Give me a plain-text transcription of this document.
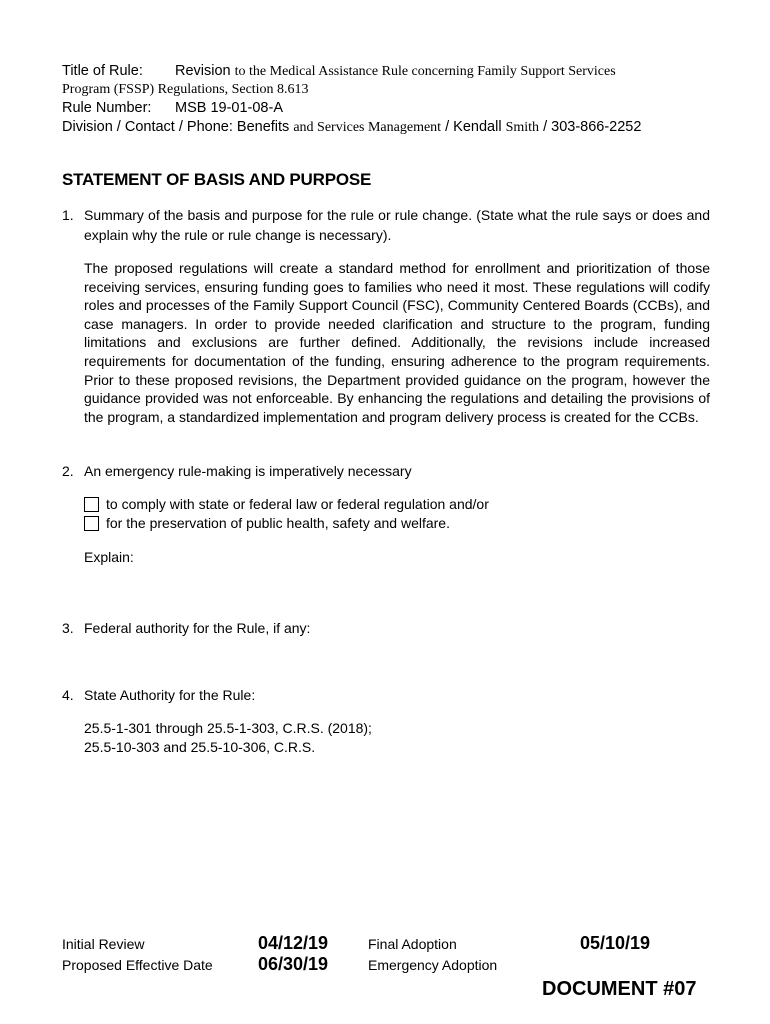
Title of Rule: Revision to the Medical Assistance Rule concerning Family Support Services
Program (FSSP) Regulations, Section 8.613
Rule Number: MSB 19-01-08-A
Division / Contact / Phone: Benefits and Services Management / Kendall Smith / 303-866-2252
STATEMENT OF BASIS AND PURPOSE
1. Summary of the basis and purpose for the rule or rule change. (State what the rule says or does and explain why the rule or rule change is necessary).
The proposed regulations will create a standard method for enrollment and prioritization of those receiving services, ensuring funding goes to families who need it most. These regulations will codify roles and processes of the Family Support Council (FSC), Community Centered Boards (CCBs), and case managers. In order to provide needed clarification and structure to the program, funding limitations and exclusions are further defined. Additionally, the revisions include increased requirements for documentation of the funding, ensuring adherence to the program requirements. Prior to these proposed revisions, the Department provided guidance on the program, however the guidance provided was not enforceable. By enhancing the regulations and detailing the provisions of the program, a standardized implementation and program delivery process is created for the CCBs.
2. An emergency rule-making is imperatively necessary
to comply with state or federal law or federal regulation and/or
for the preservation of public health, safety and welfare.
Explain:
3. Federal authority for the Rule, if any:
4. State Authority for the Rule:
25.5-1-301 through 25.5-1-303, C.R.S. (2018);
25.5-10-303 and 25.5-10-306, C.R.S.
Initial Review	04/12/19	Final Adoption	05/10/19
Proposed Effective Date	06/30/19	Emergency Adoption
DOCUMENT #07
